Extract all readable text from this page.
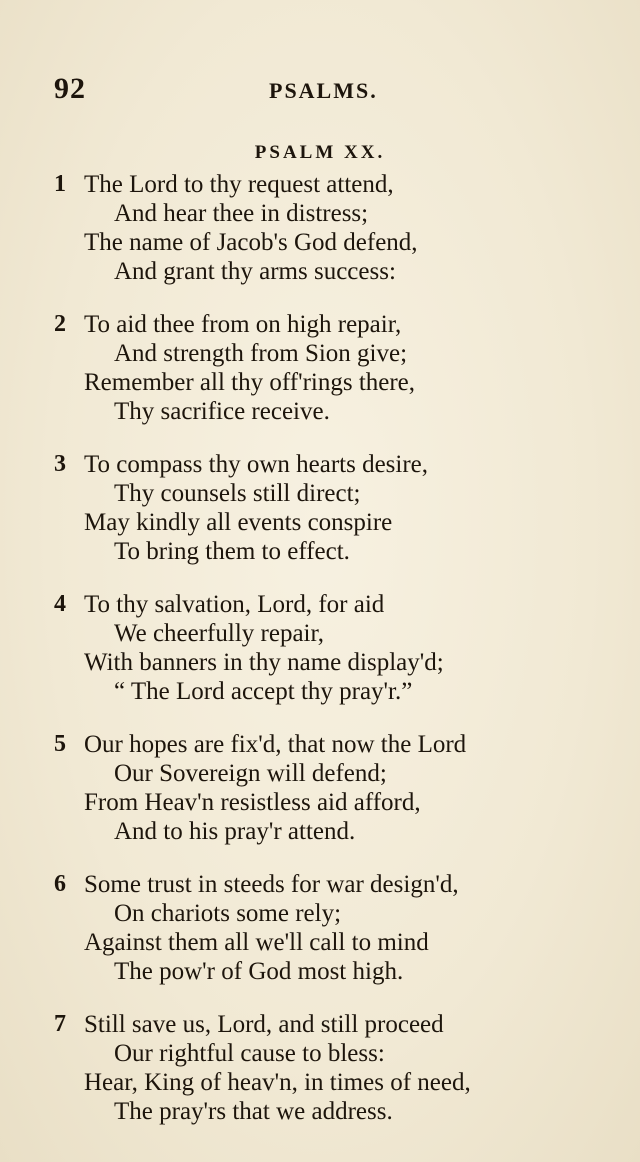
92	PSALMS.
PSALM XX.
1 The Lord to thy request attend,
And hear thee in distress;
The name of Jacob's God defend,
And grant thy arms success:
2 To aid thee from on high repair,
And strength from Sion give;
Remember all thy off'rings there,
Thy sacrifice receive.
3 To compass thy own hearts desire,
Thy counsels still direct;
May kindly all events conspire
To bring them to effect.
4 To thy salvation, Lord, for aid
We cheerfully repair,
With banners in thy name display'd;
“ The Lord accept thy pray'r.”
5 Our hopes are fix'd, that now the Lord
Our Sovereign will defend;
From Heav'n resistless aid afford,
And to his pray'r attend.
6 Some trust in steeds for war design'd,
On chariots some rely;
Against them all we'll call to mind
The pow'r of God most high.
7 Still save us, Lord, and still proceed
Our rightful cause to bless:
Hear, King of heav'n, in times of need,
The pray'rs that we address.
